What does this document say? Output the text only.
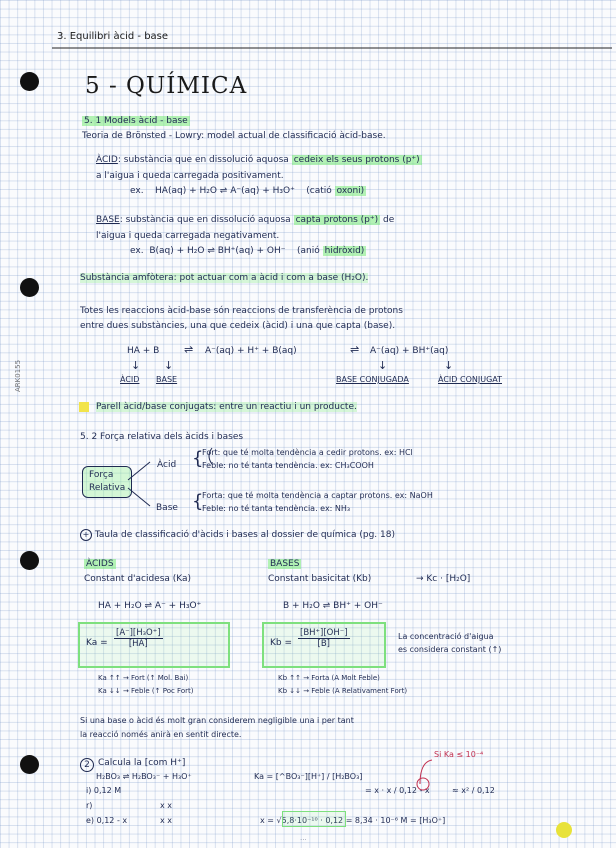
ARK0155
3. Equilibri àcid - base
5 - QUÍMICA
5. 1 Models àcid - base
Teoria de Brönsted - Lowry: model actual de classificació àcid-base.
ÀCID: substància que en dissolució aquosa cedeix els seus protons (p⁺)
a l'aigua i queda carregada positivament.
ex. HA(aq) + H₂O ⇌ A⁻(aq) + H₃O⁺ (catió oxoni)
BASE: substància que en dissolució aquosa capta protons (p⁺) de
l'aigua i queda carregada negativament.
ex. B(aq) + H₂O ⇌ BH⁺(aq) + OH⁻ (anió hidròxid)
Substància amfòtera: pot actuar com a àcid i com a base (H₂O).
Totes les reaccions àcid-base són reaccions de transferència de protons
entre dues substàncies, una que cedeix (àcid) i una que capta (base).
HA + B ⇌ A⁻(aq) + H⁺ + B(aq)	⇌ A⁻(aq) + BH⁺(aq)
↓ ↓	↓	↓
ÀCID BASE	BASE CONJUGADA	ÀCID CONJUGAT
Parell àcid/base conjugats: entre un reactiu i un producte.
5. 2 Força relativa dels àcids i bases
Força
Relativa
Àcid
Base
{
{
Fort: que té molta tendència a cedir protons. ex: HCl
Feble: no té tanta tendència. ex: CH₃COOH
Forta: que té molta tendència a captar protons. ex: NaOH
Feble: no té tanta tendència. ex: NH₃
+ Taula de classificació d'àcids i bases al dossier de química (pg. 18)
ÀCIDS
Constant d'acidesa (Ka)
BASES
Constant basicitat (Kb)	→ Kc · [H₂O]
HA + H₂O ⇌ A⁻ + H₃O⁺	B + H₂O ⇌ BH⁺ + OH⁻
$Ka = \frac{\text{[A⁻][H₃O⁺]}}{[HA]}$	$Kb = \frac{[BH^+][OH^-]}{[B]}$	La concentració d'aigua
es considera constant (↑)
Ka ↑↑ → Fort (↑ Mol. Bai)
Ka ↓↓ → Feble (↑ Poc Fort)
Kb ↑↑ → Forta (A Molt Feble)
Kb ↓↓ → Feble (A Relativament Fort)
Si una base o àcid és molt gran considerem negligible una i per tant
la reacció només anirà en sentit directe.
2 Calcula la [com H⁺]
H₂BO₃ ⇌ H₂BO₃⁻ + H₃O⁺
i) 0,12 M
r)	x x
e) 0,12 - x	x x
Ka = [^BO₃⁻][H⁺] / [H₂BO₃]
= x · x / 0,12 - x	≈ x² / 0,12
Si Ka ≤ 10⁻⁴
x = √5,8·10⁻¹⁰ · 0,12 = 8,34 · 10⁻⁶ M = [H₃O⁺]
...
